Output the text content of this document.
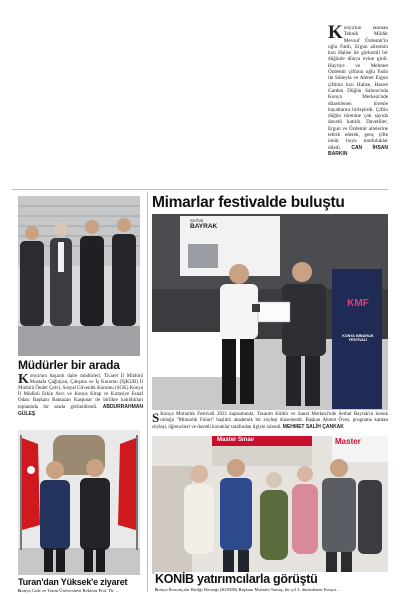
HALİSE İLE FATİH'İN MUTLU GÜNÜ
Konya'nın tanınan Teknik Müdür Mevsuf Özdemir'in oğlu Fatih, Ergun ailesinin kızı Halise ile görkemli bir düğünle dünya evine girdi. Hayriye ve Mehmet Özdemir çiftinin oğlu Fatih ile Süheyla ve Ahmet Ergun çiftinin kızı Halise, Hasret Garden Düğün Salonu'nda Konya Merkezi'nde düzenlenen törenle hayatlarını birleştirdi. Çiftin düğün törenine çok sayıda davetli katıldı. Davetliler, Ergun ve Özdemir ailelerine tebrik ederek, genç çifte ömür boyu mutluluklar diledi. CAN İHSAN BARKIN
Müdürler bir arada
Konya'nın başarılı daire müdürleri, Ticaret İl Müdürü Mustafa Çağlayan, Çalışma ve İş Kurumu (İŞKUR) İl Müdürü Önder Çelvi, Sosyal Güvenlik Kurumu (SGK) Konya İl Müdürü Erkin Avcı ve Konya Kitap ve Kırtasiye Esnaf Odası Başkanı Ramazan Kaspınar ile birlikte katıldıkları toplantıda bir arada görüntülendi. ABDURRAHMAN GÜLEŞ
Mimarlar festivalde buluştu
Serhat
BAYRAK
KMF
KONYA MİMARLIK FESTİVALİ
S Konya Mimarlık Festivali 2025 kapsamında, Tasarım Kültür ve Sanat Merkezi'nde Serhat Bayrak'ın konuk olduğu "Mimarlık Fuları" başlıklı akademik bir söyleşi düzenlendi. Başkan Ahmet Övez, programa katılan söyleşi, öğrencileri ve davetli konuklar tarafından ilgiyle izlendi. MEHMET SALİH ÇANKAK
Turan'dan Yüksek'e ziyaret
Konya Gıda ve Tarım Üniversitesi Rektörü Prof. Dr. ...
Master Sınav	Master
KONİB yatırımcılarla görüştü
Konya İhracatçılar Birliği Derneği (KONİB) Başkanı Mustafa Tantaş, bir yıl 3. düzenlenen Konya ...
